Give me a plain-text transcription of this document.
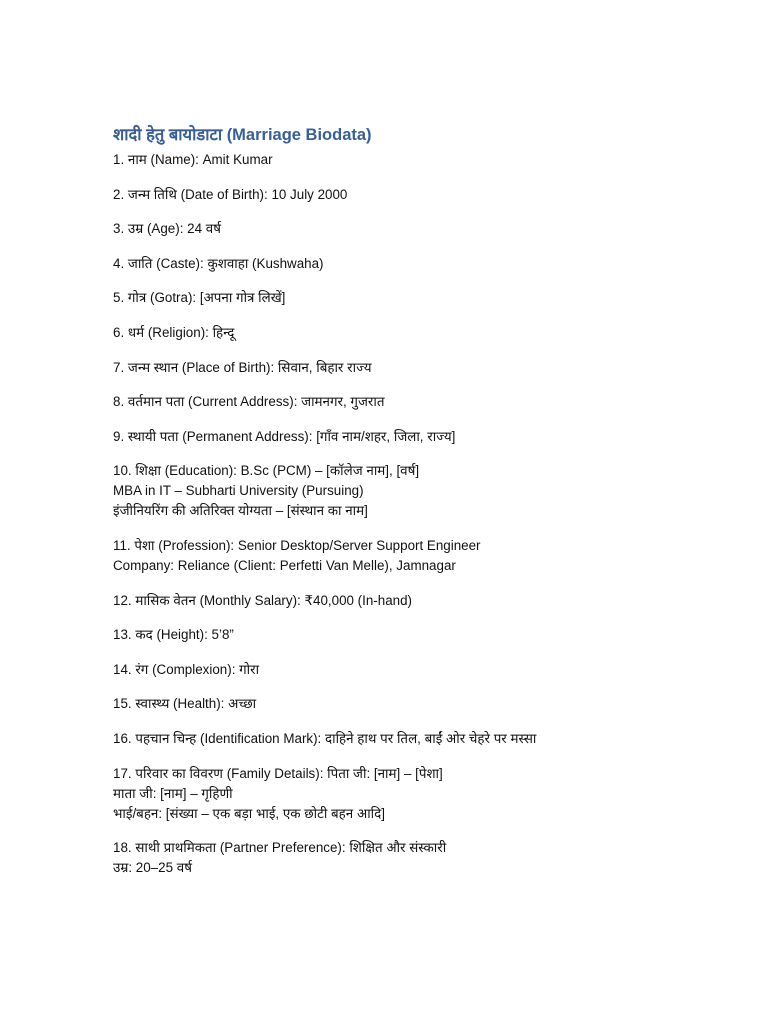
शादी हेतु बायोडाटा (Marriage Biodata)
1. नाम (Name): Amit Kumar
2. जन्म तिथि (Date of Birth): 10 July 2000
3. उम्र (Age): 24 वर्ष
4. जाति (Caste): कुशवाहा (Kushwaha)
5. गोत्र (Gotra): [अपना गोत्र लिखें]
6. धर्म (Religion): हिन्दू
7. जन्म स्थान (Place of Birth): सिवान, बिहार राज्य
8. वर्तमान पता (Current Address): जामनगर, गुजरात
9. स्थायी पता (Permanent Address): [गाँव नाम/शहर, जिला, राज्य]
10. शिक्षा (Education): B.Sc (PCM) – [कॉलेज नाम], [वर्ष]
MBA in IT – Subharti University (Pursuing)
इंजीनियरिंग की अतिरिक्त योग्यता – [संस्थान का नाम]
11. पेशा (Profession): Senior Desktop/Server Support Engineer
Company: Reliance (Client: Perfetti Van Melle), Jamnagar
12. मासिक वेतन (Monthly Salary): ₹40,000 (In-hand)
13. कद (Height): 5’8”
14. रंग (Complexion): गोरा
15. स्वास्थ्य (Health): अच्छा
16. पहचान चिन्ह (Identification Mark): दाहिने हाथ पर तिल, बाईं ओर चेहरे पर मस्सा
17. परिवार का विवरण (Family Details): पिता जी: [नाम] – [पेशा]
माता जी: [नाम] – गृहिणी
भाई/बहन: [संख्या – एक बड़ा भाई, एक छोटी बहन आदि]
18. साथी प्राथमिकता (Partner Preference): शिक्षित और संस्कारी
उम्र: 20–25 वर्ष
